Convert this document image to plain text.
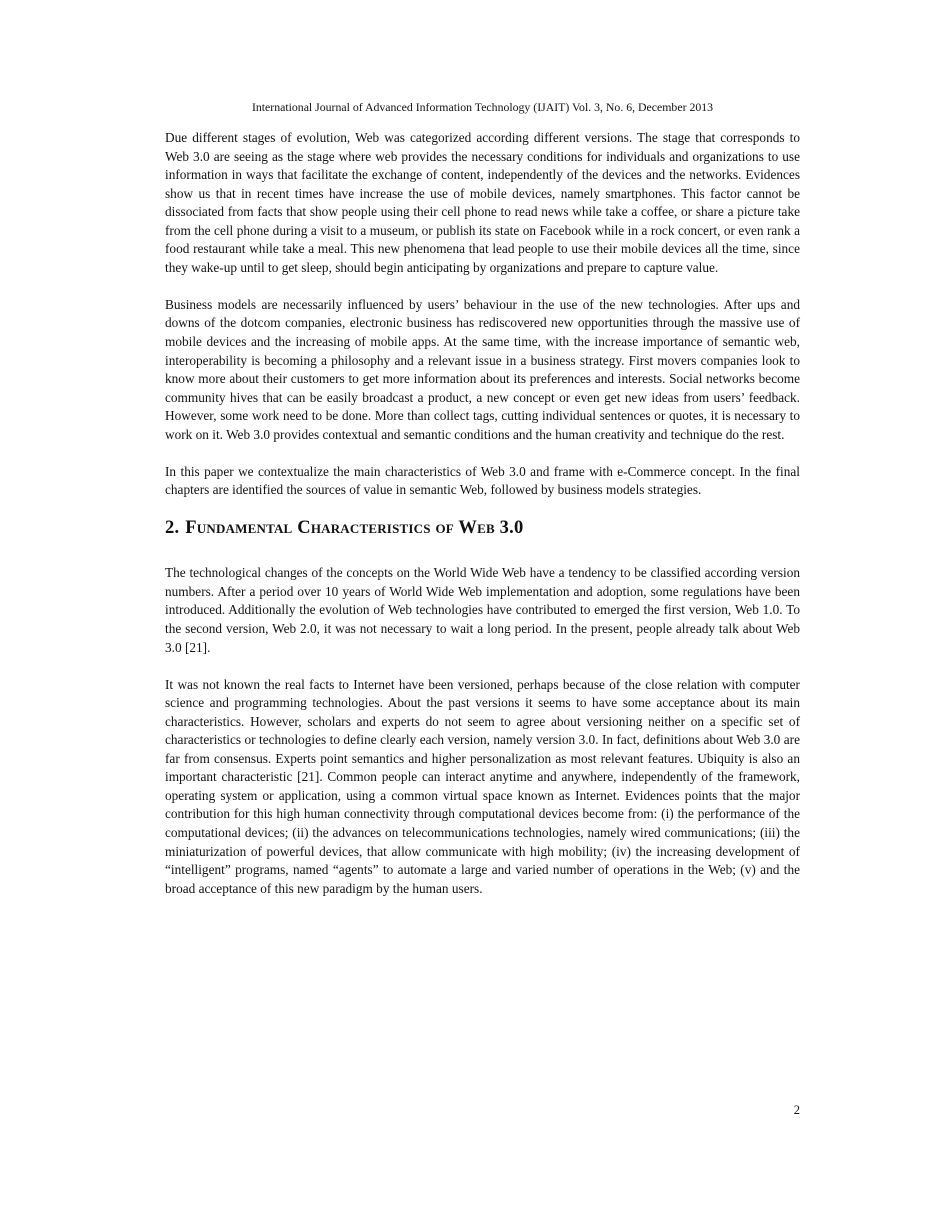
International Journal of Advanced Information Technology (IJAIT) Vol. 3, No. 6, December 2013

Due different stages of evolution, Web was categorized according different versions. The stage that corresponds to Web 3.0 are seeing as the stage where web provides the necessary conditions for individuals and organizations to use information in ways that facilitate the exchange of content, independently of the devices and the networks. Evidences show us that in recent times have increase the use of mobile devices, namely smartphones. This factor cannot be dissociated from facts that show people using their cell phone to read news while take a coffee, or share a picture take from the cell phone during a visit to a museum, or publish its state on Facebook while in a rock concert, or even rank a food restaurant while take a meal. This new phenomena that lead people to use their mobile devices all the time, since they wake-up until to get sleep, should begin anticipating by organizations and prepare to capture value.

Business models are necessarily influenced by users’ behaviour in the use of the new technologies. After ups and downs of the dotcom companies, electronic business has rediscovered new opportunities through the massive use of mobile devices and the increasing of mobile apps. At the same time, with the increase importance of semantic web, interoperability is becoming a philosophy and a relevant issue in a business strategy. First movers companies look to know more about their customers to get more information about its preferences and interests. Social networks become community hives that can be easily broadcast a product, a new concept or even get new ideas from users’ feedback. However, some work need to be done. More than collect tags, cutting individual sentences or quotes, it is necessary to work on it. Web 3.0 provides contextual and semantic conditions and the human creativity and technique do the rest.

In this paper we contextualize the main characteristics of Web 3.0 and frame with e-Commerce concept. In the final chapters are identified the sources of value in semantic Web, followed by business models strategies.

2. Fundamental Characteristics of Web 3.0

The technological changes of the concepts on the World Wide Web have a tendency to be classified according version numbers. After a period over 10 years of World Wide Web implementation and adoption, some regulations have been introduced. Additionally the evolution of Web technologies have contributed to emerged the first version, Web 1.0. To the second version, Web 2.0, it was not necessary to wait a long period. In the present, people already talk about Web 3.0 [21].

It was not known the real facts to Internet have been versioned, perhaps because of the close relation with computer science and programming technologies. About the past versions it seems to have some acceptance about its main characteristics. However, scholars and experts do not seem to agree about versioning neither on a specific set of characteristics or technologies to define clearly each version, namely version 3.0. In fact, definitions about Web 3.0 are far from consensus. Experts point semantics and higher personalization as most relevant features. Ubiquity is also an important characteristic [21]. Common people can interact anytime and anywhere, independently of the framework, operating system or application, using a common virtual space known as Internet. Evidences points that the major contribution for this high human connectivity through computational devices become from: (i) the performance of the computational devices; (ii) the advances on telecommunications technologies, namely wired communications; (iii) the miniaturization of powerful devices, that allow communicate with high mobility; (iv) the increasing development of “intelligent” programs, named “agents” to automate a large and varied number of operations in the Web; (v) and the broad acceptance of this new paradigm by the human users.

2
